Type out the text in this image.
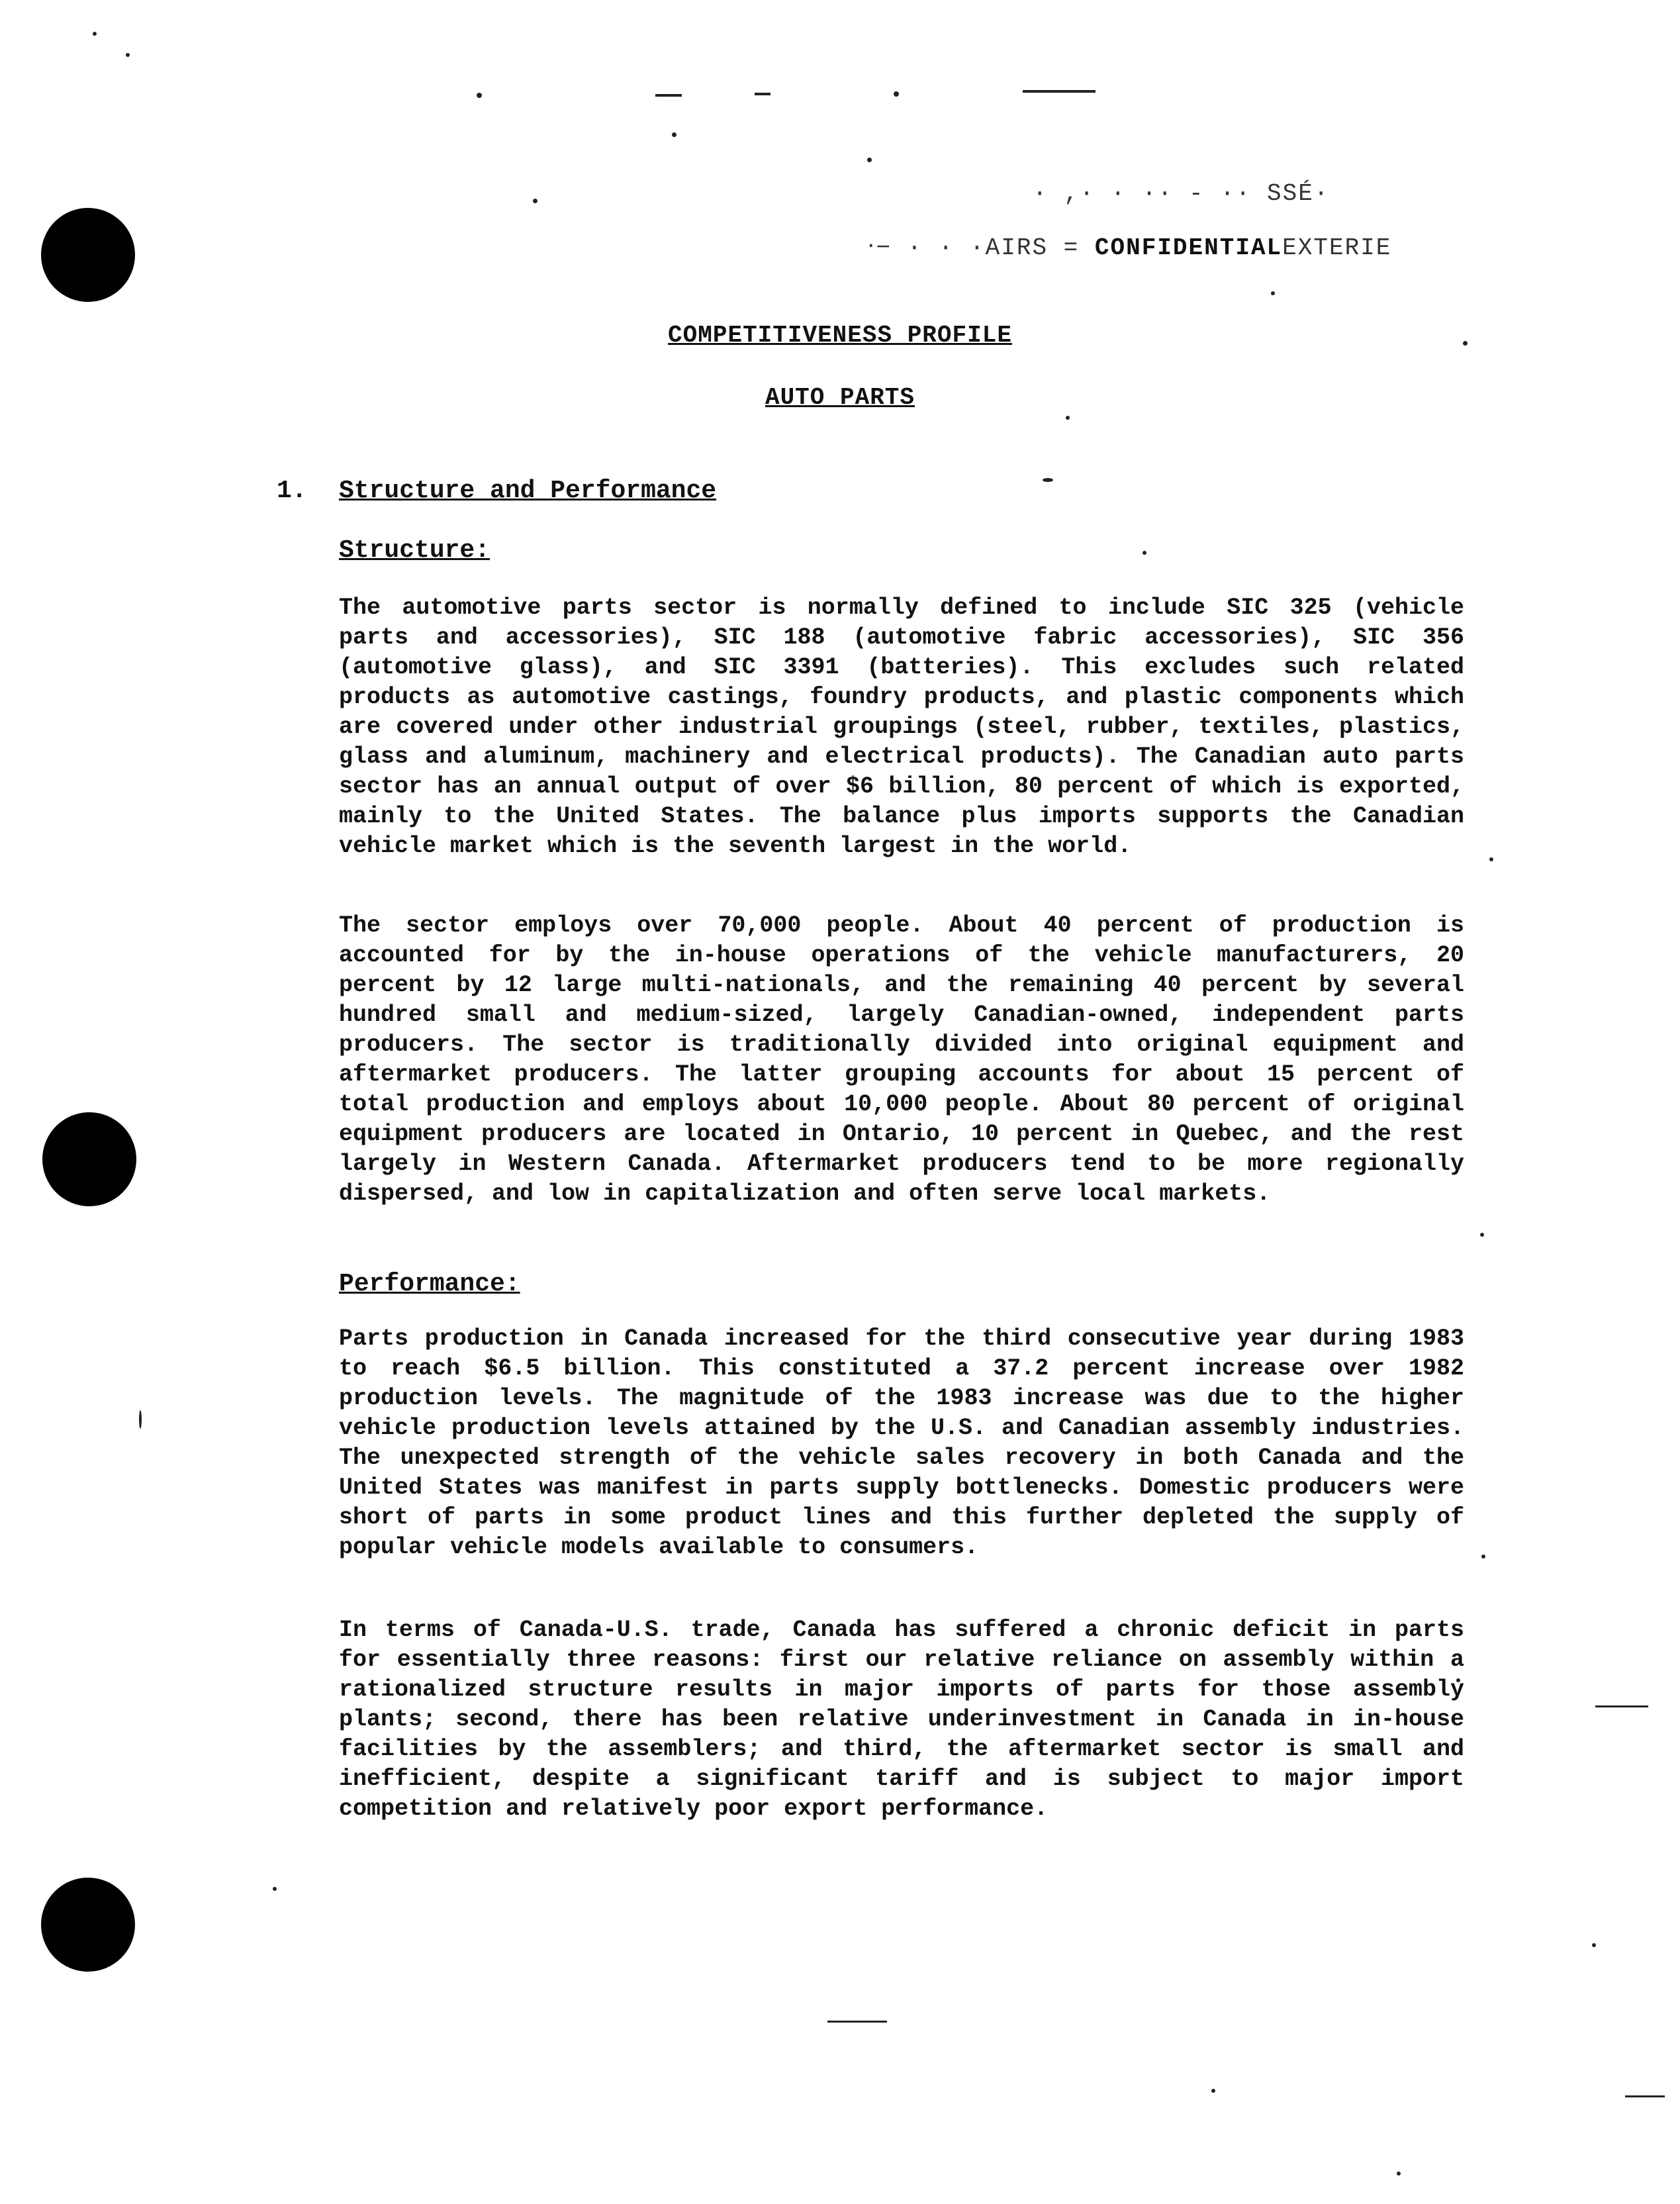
· ,· · ·· - ·· SSÉ·
‧− · · ·AIRS = CONFIDENTIALEXTERIE
COMPETITIVENESS PROFILE
AUTO PARTS
1. Structure and Performance
Structure:
The automotive parts sector is normally defined to include SIC 325 (vehicle parts and accessories), SIC 188 (automotive fabric accessories), SIC 356 (automotive glass), and SIC 3391 (batteries). This excludes such related products as automotive castings, foundry products, and plastic components which are covered under other industrial groupings (steel, rubber, textiles, plastics, glass and aluminum, machinery and electrical products). The Canadian auto parts sector has an annual output of over $6 billion, 80 percent of which is exported, mainly to the United States. The balance plus imports supports the Canadian vehicle market which is the seventh largest in the world.
The sector employs over 70,000 people. About 40 percent of production is accounted for by the in-house operations of the vehicle manufacturers, 20 percent by 12 large multi-nationals, and the remaining 40 percent by several hundred small and medium-sized, largely Canadian-owned, independent parts producers. The sector is traditionally divided into original equipment and aftermarket producers. The latter grouping accounts for about 15 percent of total production and employs about 10,000 people. About 80 percent of original equipment producers are located in Ontario, 10 percent in Quebec, and the rest largely in Western Canada. Aftermarket producers tend to be more regionally dispersed, and low in capitalization and often serve local markets.
Performance:
Parts production in Canada increased for the third consecutive year during 1983 to reach $6.5 billion. This constituted a 37.2 percent increase over 1982 production levels. The magnitude of the 1983 increase was due to the higher vehicle production levels attained by the U.S. and Canadian assembly industries. The unexpected strength of the vehicle sales recovery in both Canada and the United States was manifest in parts supply bottlenecks. Domestic producers were short of parts in some product lines and this further depleted the supply of popular vehicle models available to consumers.
In terms of Canada-U.S. trade, Canada has suffered a chronic deficit in parts for essentially three reasons: first our relative reliance on assembly within a rationalized structure results in major imports of parts for those assembly plants; second, there has been relative underinvestment in Canada in in-house facilities by the assemblers; and third, the aftermarket sector is small and inefficient, despite a significant tariff and is subject to major import competition and relatively poor export performance.
